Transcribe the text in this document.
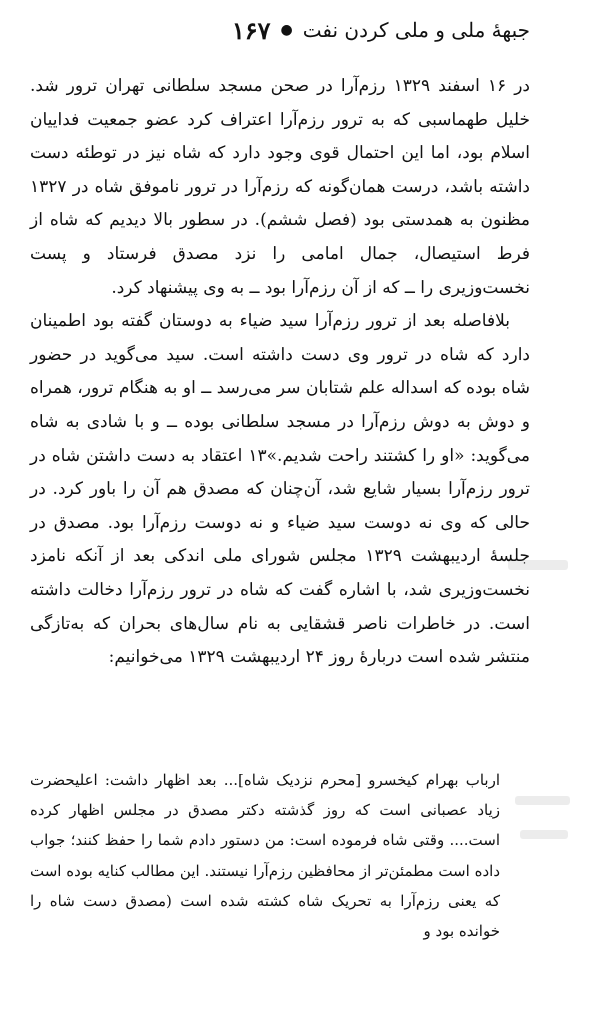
جبههٔ ملی و ملی کردن نفت
●
۱۶۷

در ۱۶ اسفند ۱۳۲۹ رزم‌آرا در صحن مسجد سلطانی تهران ترور شد. خلیل طهماسبی که به ترور رزم‌آرا اعتراف کرد عضو جمعیت فداییان اسلام بود، اما این احتمال قوی وجود دارد که شاه نیز در توطئه دست داشته باشد، درست همان‌گونه که رزم‌آرا در ترور ناموفق شاه در ۱۳۲۷ مظنون به همدستی بود (فصل ششم). در سطور بالا دیدیم که شاه از فرط استیصال، جمال امامی را نزد مصدق فرستاد و پست نخست‌وزیری را ــ که از آن رزم‌آرا بود ــ به وی پیشنهاد کرد.

بلافاصله بعد از ترور رزم‌آرا سید ضیاء به دوستان گفته بود اطمینان دارد که شاه در ترور وی دست داشته است. سید می‌گوید در حضور شاه بوده که اسداله علم شتابان سر می‌رسد ــ او به هنگام ترور، همراه و دوش به دوش رزم‌آرا در مسجد سلطانی بوده ــ و با شادی به شاه می‌گوید: «او را کشتند راحت شدیم.»۱۳ اعتقاد به دست داشتن شاه در ترور رزم‌آرا بسیار شایع شد، آن‌چنان که مصدق هم آن را باور کرد. در حالی که وی نه دوست سید ضیاء و نه دوست رزم‌آرا بود. مصدق در جلسهٔ اردیبهشت ۱۳۲۹ مجلس شورای ملی اندکی بعد از آنکه نامزد نخست‌وزیری شد، با اشاره گفت که شاه در ترور رزم‌آرا دخالت داشته است. در خاطرات ناصر قشقایی به نام سال‌های بحران که به‌تازگی منتشر شده است دربارهٔ روز ۲۴ اردیبهشت ۱۳۲۹ می‌خوانیم:

ارباب بهرام کیخسرو [محرم نزدیک شاه]... بعد اظهار داشت: اعلیحضرت زیاد عصبانی است که روز گذشته دکتر مصدق در مجلس اظهار کرده است.... وقتی شاه فرموده است: من دستور دادم شما را حفظ کنند؛ جواب داده است مطمئن‌تر از محافظین رزم‌آرا نیستند. این مطالب کنایه بوده است که یعنی رزم‌آرا به تحریک شاه کشته شده است (مصدق دست شاه را خوانده بود و
